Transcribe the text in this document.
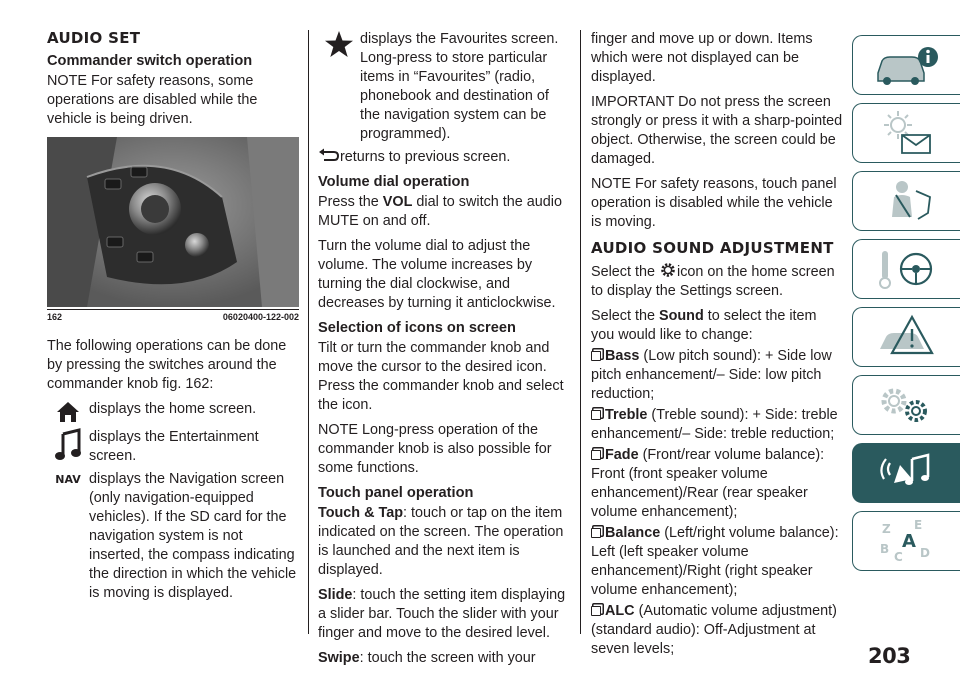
AUDIO SET
Commander switch operation

NOTE For safety reasons, some operations are disabled while the vehicle is being driven.

162	06020400-122-002

The following operations can be done by pressing the switches around the commander knob fig. 162:

displays the home screen.
displays the Entertainment screen.
NAV displays the Navigation screen (only navigation-equipped vehicles). If the SD card for the navigation system is not inserted, the compass indicating the direction in which the vehicle is moving is displayed.
displays the Favourites screen. Long-press to store particular items in “Favourites” (radio, phonebook and destination of the navigation system can be programmed).
returns to previous screen.
Volume dial operation

Press the VOL dial to switch the audio MUTE on and off.

Turn the volume dial to adjust the volume. The volume increases by turning the dial clockwise, and decreases by turning it anticlockwise.

Selection of icons on screen

Tilt or turn the commander knob and move the cursor to the desired icon. Press the commander knob and select the icon.

NOTE Long-press operation of the commander knob is also possible for some functions.

Touch panel operation

Touch & Tap: touch or tap on the item indicated on the screen. The operation is launched and the next item is displayed.

Slide: touch the setting item displaying a slider bar. Touch the slider with your finger and move to the desired level.

Swipe: touch the screen with your

finger and move up or down. Items which were not displayed can be displayed.

IMPORTANT Do not press the screen strongly or press it with a sharp-pointed object. Otherwise, the screen could be damaged.

NOTE For safety reasons, touch panel operation is disabled while the vehicle is moving.

AUDIO SOUND ADJUSTMENT

Select the icon on the home screen to display the Settings screen.

Select the Sound to select the item you would like to change:

Bass (Low pitch sound): + Side low pitch enhancement/– Side: low pitch reduction;
Treble (Treble sound): + Side: treble enhancement/– Side: treble reduction;
Fade (Front/rear volume balance): Front (front speaker volume enhancement)/Rear (rear speaker volume enhancement);
Balance (Left/right volume balance): Left (left speaker volume enhancement)/Right (right speaker volume enhancement);
ALC (Automatic volume adjustment) (standard audio): Off-Adjustment at seven levels;
Z E
B
C D
A
203
